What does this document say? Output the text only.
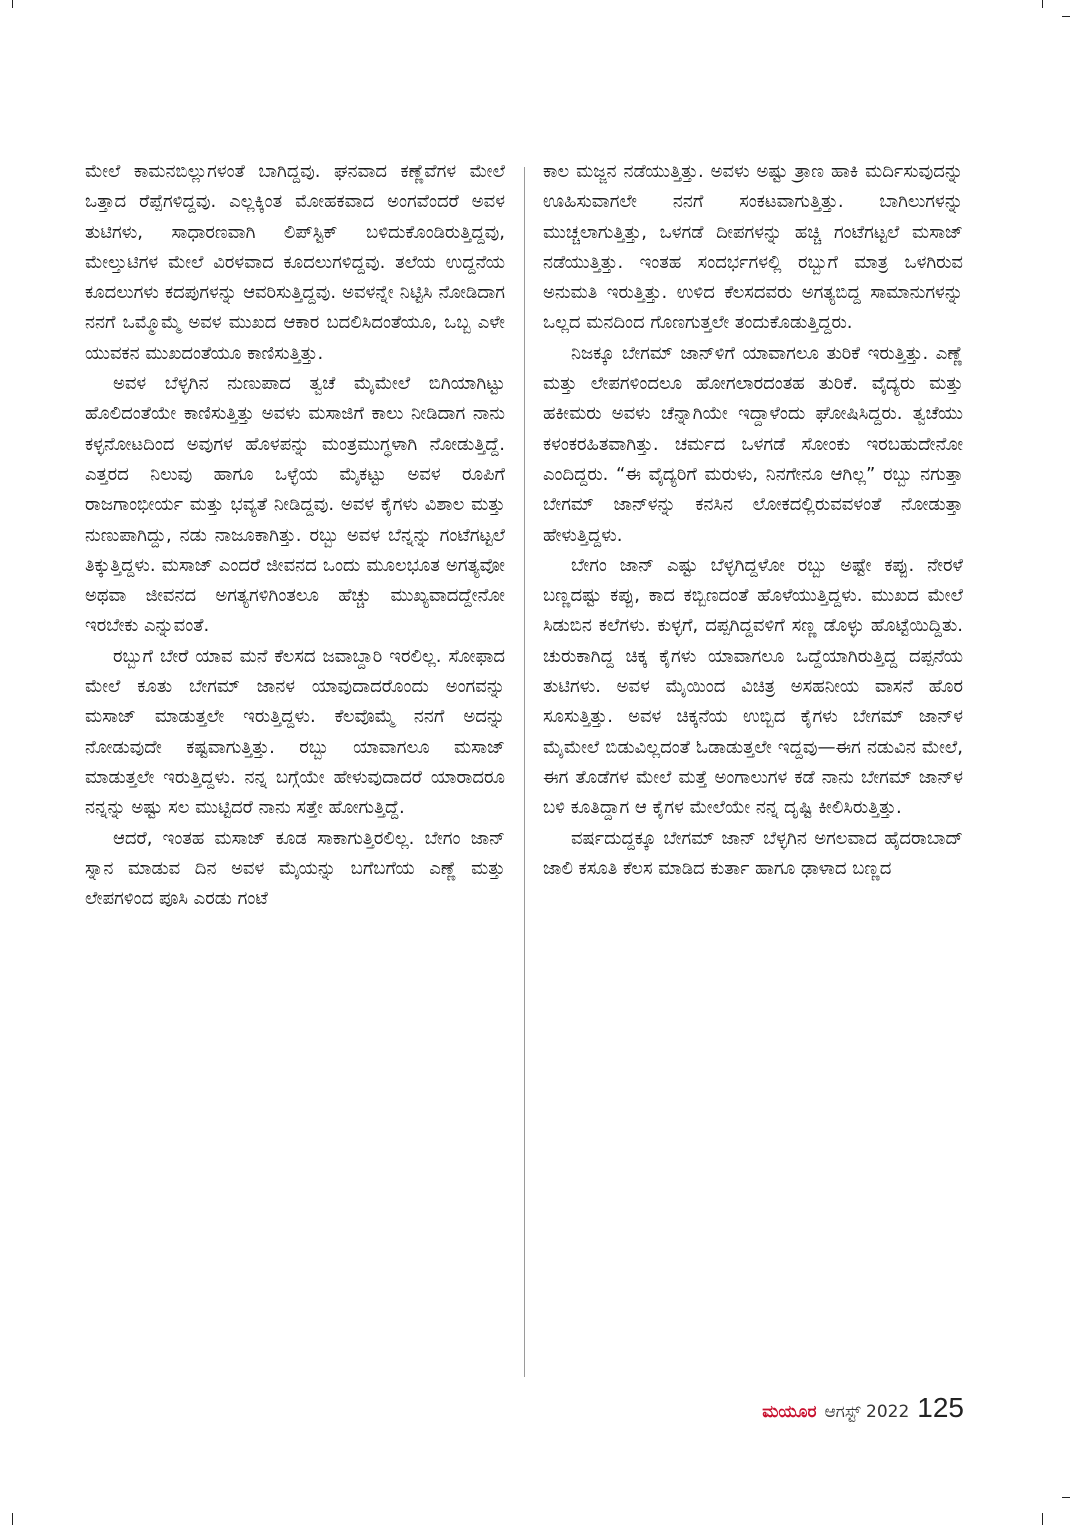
ಮೇಲೆ ಕಾಮನಬಿಲ್ಲುಗಳಂತೆ ಬಾಗಿದ್ದವು. ಘನವಾದ ಕಣ್ಣೆವೆಗಳ ಮೇಲೆ ಒತ್ತಾದ ರೆಪ್ಪೆಗಳಿದ್ದವು. ಎಲ್ಲಕ್ಕಿಂತ ಮೋಹಕವಾದ ಅಂಗವೆಂದರೆ ಅವಳ ತುಟಿಗಳು, ಸಾಧಾರಣವಾಗಿ ಲಿಪ್‌ಸ್ಟಿಕ್ ಬಳಿದುಕೊಂಡಿರುತ್ತಿದ್ದವು, ಮೇಲ್ತುಟಿಗಳ ಮೇಲೆ ವಿರಳವಾದ ಕೂದಲುಗಳಿದ್ದವು. ತಲೆಯ ಉದ್ದನೆಯ ಕೂದಲುಗಳು ಕದಪುಗಳನ್ನು ಆವರಿಸುತ್ತಿದ್ದವು. ಅವಳನ್ನೇ ನಿಟ್ಟಿಸಿ ನೋಡಿದಾಗ ನನಗೆ ಒಮ್ಮೊಮ್ಮೆ ಅವಳ ಮುಖದ ಆಕಾರ ಬದಲಿಸಿದಂತೆಯೂ, ಒಬ್ಬ ಎಳೇ ಯುವಕನ ಮುಖದಂತೆಯೂ ಕಾಣಿಸುತ್ತಿತ್ತು.

ಅವಳ ಬೆಳ್ಳಗಿನ ನುಣುಪಾದ ತ್ವಚೆ ಮೈಮೇಲೆ ಬಿಗಿಯಾಗಿಟ್ಟು ಹೊಲಿದಂತೆಯೇ ಕಾಣಿಸುತ್ತಿತ್ತು ಅವಳು ಮಸಾಜಿಗೆ ಕಾಲು ನೀಡಿದಾಗ ನಾನು ಕಳ್ಳನೋಟದಿಂದ ಅವುಗಳ ಹೊಳಪನ್ನು ಮಂತ್ರಮುಗ್ಧಳಾಗಿ ನೋಡುತ್ತಿದ್ದೆ. ಎತ್ತರದ ನಿಲುವು ಹಾಗೂ ಒಳ್ಳೆಯ ಮೈಕಟ್ಟು ಅವಳ ರೂಪಿಗೆ ರಾಜಗಾಂಭೀರ್ಯ ಮತ್ತು ಭವ್ಯತೆ ನೀಡಿದ್ದವು. ಅವಳ ಕೈಗಳು ವಿಶಾಲ ಮತ್ತು ನುಣುಪಾಗಿದ್ದು, ನಡು ನಾಜೂಕಾಗಿತ್ತು. ರಬ್ಬು ಅವಳ ಬೆನ್ನನ್ನು ಗಂಟೆಗಟ್ಟಲೆ ತಿಕ್ಕುತ್ತಿದ್ದಳು. ಮಸಾಜ್ ಎಂದರೆ ಜೀವನದ ಒಂದು ಮೂಲಭೂತ ಅಗತ್ಯವೋ ಅಥವಾ ಜೀವನದ ಅಗತ್ಯಗಳಿಗಿಂತಲೂ ಹೆಚ್ಚು ಮುಖ್ಯವಾದದ್ದೇನೋ ಇರಬೇಕು ಎನ್ನುವಂತೆ.

ರಬ್ಬುಗೆ ಬೇರೆ ಯಾವ ಮನೆ ಕೆಲಸದ ಜವಾಬ್ದಾರಿ ಇರಲಿಲ್ಲ. ಸೋಫಾದ ಮೇಲೆ ಕೂತು ಬೇಗಮ್ ಜಾನಳ ಯಾವುದಾದರೊಂದು ಅಂಗವನ್ನು ಮಸಾಜ್ ಮಾಡುತ್ತಲೇ ಇರುತ್ತಿದ್ದಳು. ಕೆಲವೊಮ್ಮೆ ನನಗೆ ಅದನ್ನು ನೋಡುವುದೇ ಕಷ್ಟವಾಗುತ್ತಿತ್ತು. ರಬ್ಬು ಯಾವಾಗಲೂ ಮಸಾಜ್ ಮಾಡುತ್ತಲೇ ಇರುತ್ತಿದ್ದಳು. ನನ್ನ ಬಗ್ಗೆಯೇ ಹೇಳುವುದಾದರೆ ಯಾರಾದರೂ ನನ್ನನ್ನು ಅಷ್ಟು ಸಲ ಮುಟ್ಟಿದರೆ ನಾನು ಸತ್ತೇ ಹೋಗುತ್ತಿದ್ದೆ.

ಆದರೆ, ಇಂತಹ ಮಸಾಜ್ ಕೂಡ ಸಾಕಾಗುತ್ತಿರಲಿಲ್ಲ. ಬೇಗಂ ಜಾನ್ ಸ್ನಾನ ಮಾಡುವ ದಿನ ಅವಳ ಮೈಯನ್ನು ಬಗೆಬಗೆಯ ಎಣ್ಣೆ ಮತ್ತು ಲೇಪಗಳಿಂದ ಪೂಸಿ ಎರಡು ಗಂಟೆ

ಕಾಲ ಮಜ್ಜನ ನಡೆಯುತ್ತಿತ್ತು. ಅವಳು ಅಷ್ಟು ತ್ರಾಣ ಹಾಕಿ ಮರ್ದಿಸುವುದನ್ನು ಊಹಿಸುವಾಗಲೇ ನನಗೆ ಸಂಕಟವಾಗುತ್ತಿತ್ತು. ಬಾಗಿಲುಗಳನ್ನು ಮುಚ್ಚಲಾಗುತ್ತಿತ್ತು, ಒಳಗಡೆ ದೀಪಗಳನ್ನು ಹಚ್ಚಿ ಗಂಟೆಗಟ್ಟಲೆ ಮಸಾಜ್ ನಡೆಯುತ್ತಿತ್ತು. ಇಂತಹ ಸಂದರ್ಭಗಳಲ್ಲಿ ರಬ್ಬುಗೆ ಮಾತ್ರ ಒಳಗಿರುವ ಅನುಮತಿ ಇರುತ್ತಿತ್ತು. ಉಳಿದ ಕೆಲಸದವರು ಅಗತ್ಯಬಿದ್ದ ಸಾಮಾನುಗಳನ್ನು ಒಲ್ಲದ ಮನದಿಂದ ಗೊಣಗುತ್ತಲೇ ತಂದುಕೊಡುತ್ತಿದ್ದರು.

ನಿಜಕ್ಕೂ ಬೇಗಮ್ ಜಾನ್‌ಳಿಗೆ ಯಾವಾಗಲೂ ತುರಿಕೆ ಇರುತ್ತಿತ್ತು. ಎಣ್ಣೆ ಮತ್ತು ಲೇಪಗಳಿಂದಲೂ ಹೋಗಲಾರದಂತಹ ತುರಿಕೆ. ವೈದ್ಯರು ಮತ್ತು ಹಕೀಮರು ಅವಳು ಚೆನ್ನಾಗಿಯೇ ಇದ್ದಾಳೆಂದು ಘೋಷಿಸಿದ್ದರು. ತ್ವಚೆಯು ಕಳಂಕರಹಿತವಾಗಿತ್ತು. ಚರ್ಮದ ಒಳಗಡೆ ಸೋಂಕು ಇರಬಹುದೇನೋ ಎಂದಿದ್ದರು. “ಈ ವೈದ್ಯರಿಗೆ ಮರುಳು, ನಿನಗೇನೂ ಆಗಿಲ್ಲ” ರಬ್ಬು ನಗುತ್ತಾ ಬೇಗಮ್ ಜಾನ್‌ಳನ್ನು ಕನಸಿನ ಲೋಕದಲ್ಲಿರುವವಳಂತೆ ನೋಡುತ್ತಾ ಹೇಳುತ್ತಿದ್ದಳು.

ಬೇಗಂ ಜಾನ್ ಎಷ್ಟು ಬೆಳ್ಳಗಿದ್ದಳೋ ರಬ್ಬು ಅಷ್ಟೇ ಕಪ್ಪು. ನೇರಳೆ ಬಣ್ಣದಷ್ಟು ಕಪ್ಪು, ಕಾದ ಕಬ್ಬಿಣದಂತೆ ಹೊಳೆಯುತ್ತಿದ್ದಳು. ಮುಖದ ಮೇಲೆ ಸಿಡುಬಿನ ಕಲೆಗಳು. ಕುಳ್ಳಗೆ, ದಪ್ಪಗಿದ್ದವಳಿಗೆ ಸಣ್ಣ ಡೊಳ್ಳು ಹೊಟ್ಟೆಯಿದ್ದಿತು. ಚುರುಕಾಗಿದ್ದ ಚಿಕ್ಕ ಕೈಗಳು ಯಾವಾಗಲೂ ಒದ್ದೆಯಾಗಿರುತ್ತಿದ್ದ ದಪ್ಪನೆಯ ತುಟಿಗಳು. ಅವಳ ಮೈಯಿಂದ ವಿಚಿತ್ರ ಅಸಹನೀಯ ವಾಸನೆ ಹೊರ ಸೂಸುತ್ತಿತ್ತು. ಅವಳ ಚಿಕ್ಕನೆಯ ಉಬ್ಬಿದ ಕೈಗಳು ಬೇಗಮ್ ಜಾನ್‌ಳ ಮೈಮೇಲೆ ಬಿಡುವಿಲ್ಲದಂತೆ ಓಡಾಡುತ್ತಲೇ ಇದ್ದವು—ಈಗ ನಡುವಿನ ಮೇಲೆ, ಈಗ ತೊಡೆಗಳ ಮೇಲೆ ಮತ್ತೆ ಅಂಗಾಲುಗಳ ಕಡೆ ನಾನು ಬೇಗಮ್ ಜಾನ್‌ಳ ಬಳಿ ಕೂತಿದ್ದಾಗ ಆ ಕೈಗಳ ಮೇಲೆಯೇ ನನ್ನ ದೃಷ್ಟಿ ಕೀಲಿಸಿರುತ್ತಿತ್ತು.

ವರ್ಷದುದ್ದಕ್ಕೂ ಬೇಗಮ್ ಜಾನ್ ಬೆಳ್ಳಗಿನ ಅಗಲವಾದ ಹೈದರಾಬಾದ್ ಜಾಲಿ ಕಸೂತಿ ಕೆಲಸ ಮಾಡಿದ ಕುರ್ತಾ ಹಾಗೂ ಢಾಳಾದ ಬಣ್ಣದ

ಮಯೂರ ಆಗಸ್ಟ್ 2022 125
